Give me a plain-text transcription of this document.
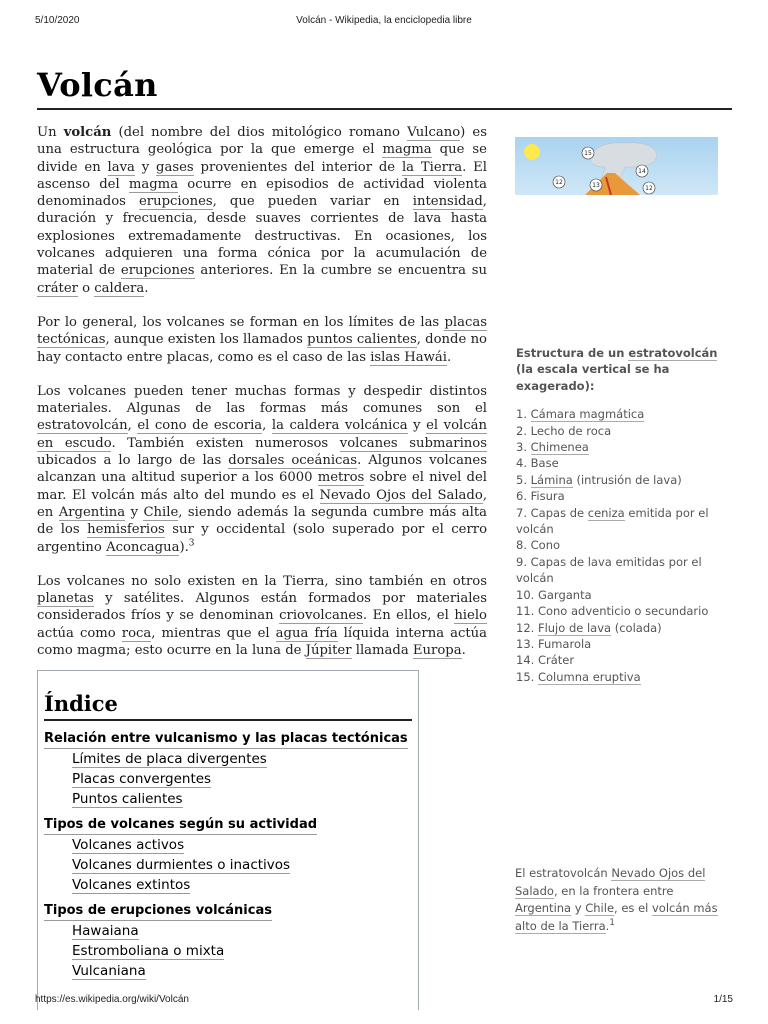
5/10/2020	Volcán - Wikipedia, la enciclopedia libre
Volcán

Un volcán (del nombre del dios mitológico romano Vulcano) es una estructura geológica por la que emerge el magma que se divide en lava y gases provenientes del interior de la Tierra. El ascenso del magma ocurre en episodios de actividad violenta denominados erupciones, que pueden variar en intensidad, duración y frecuencia, desde suaves corrientes de lava hasta explosiones extremadamente destructivas. En ocasiones, los volcanes adquieren una forma cónica por la acumulación de material de erupciones anteriores. En la cumbre se encuentra su cráter o caldera.

Por lo general, los volcanes se forman en los límites de las placas tectónicas, aunque existen los llamados puntos calientes, donde no hay contacto entre placas, como es el caso de las islas Hawái.

Los volcanes pueden tener muchas formas y despedir distintos materiales. Algunas de las formas más comunes son el estratovolcán, el cono de escoria, la caldera volcánica y el volcán en escudo. También existen numerosos volcanes submarinos ubicados a lo largo de las dorsales oceánicas. Algunos volcanes alcanzan una altitud superior a los 6000 metros sobre el nivel del mar. El volcán más alto del mundo es el Nevado Ojos del Salado, en Argentina y Chile, siendo además la segunda cumbre más alta de los hemisferios sur y occidental (solo superado por el cerro argentino Aconcagua).$^3$

Los volcanes no solo existen en la Tierra, sino también en otros planetas y satélites. Algunos están formados por materiales considerados fríos y se denominan criovolcanes. En ellos, el hielo actúa como roca, mientras que el agua fría líquida interna actúa como magma; esto ocurre en la luna de Júpiter llamada Europa.

15
14
12	13	12
Estructura de un estratovolcán (la escala vertical se ha exagerado):
1. Cámara magmática
2. Lecho de roca
3. Chimenea
4. Base
5. Lámina (intrusión de lava)
6. Fisura
7. Capas de ceniza emitida por el volcán
8. Cono
9. Capas de lava emitidas por el volcán
10. Garganta
11. Cono adventicio o secundario
12. Flujo de lava (colada)
13. Fumarola
14. Cráter
15. Columna eruptiva
El estratovolcán Nevado Ojos del Salado, en la frontera entre Argentina y Chile, es el volcán más alto de la Tierra.$^1$
Índice
Relación entre vulcanismo y las placas tectónicas
Límites de placa divergentes
Placas convergentes
Puntos calientes
Tipos de volcanes según su actividad
Volcanes activos
Volcanes durmientes o inactivos
Volcanes extintos
Tipos de erupciones volcánicas
Hawaiana
Estromboliana o mixta
Vulcaniana
https://es.wikipedia.org/wiki/Volcán	1/15
